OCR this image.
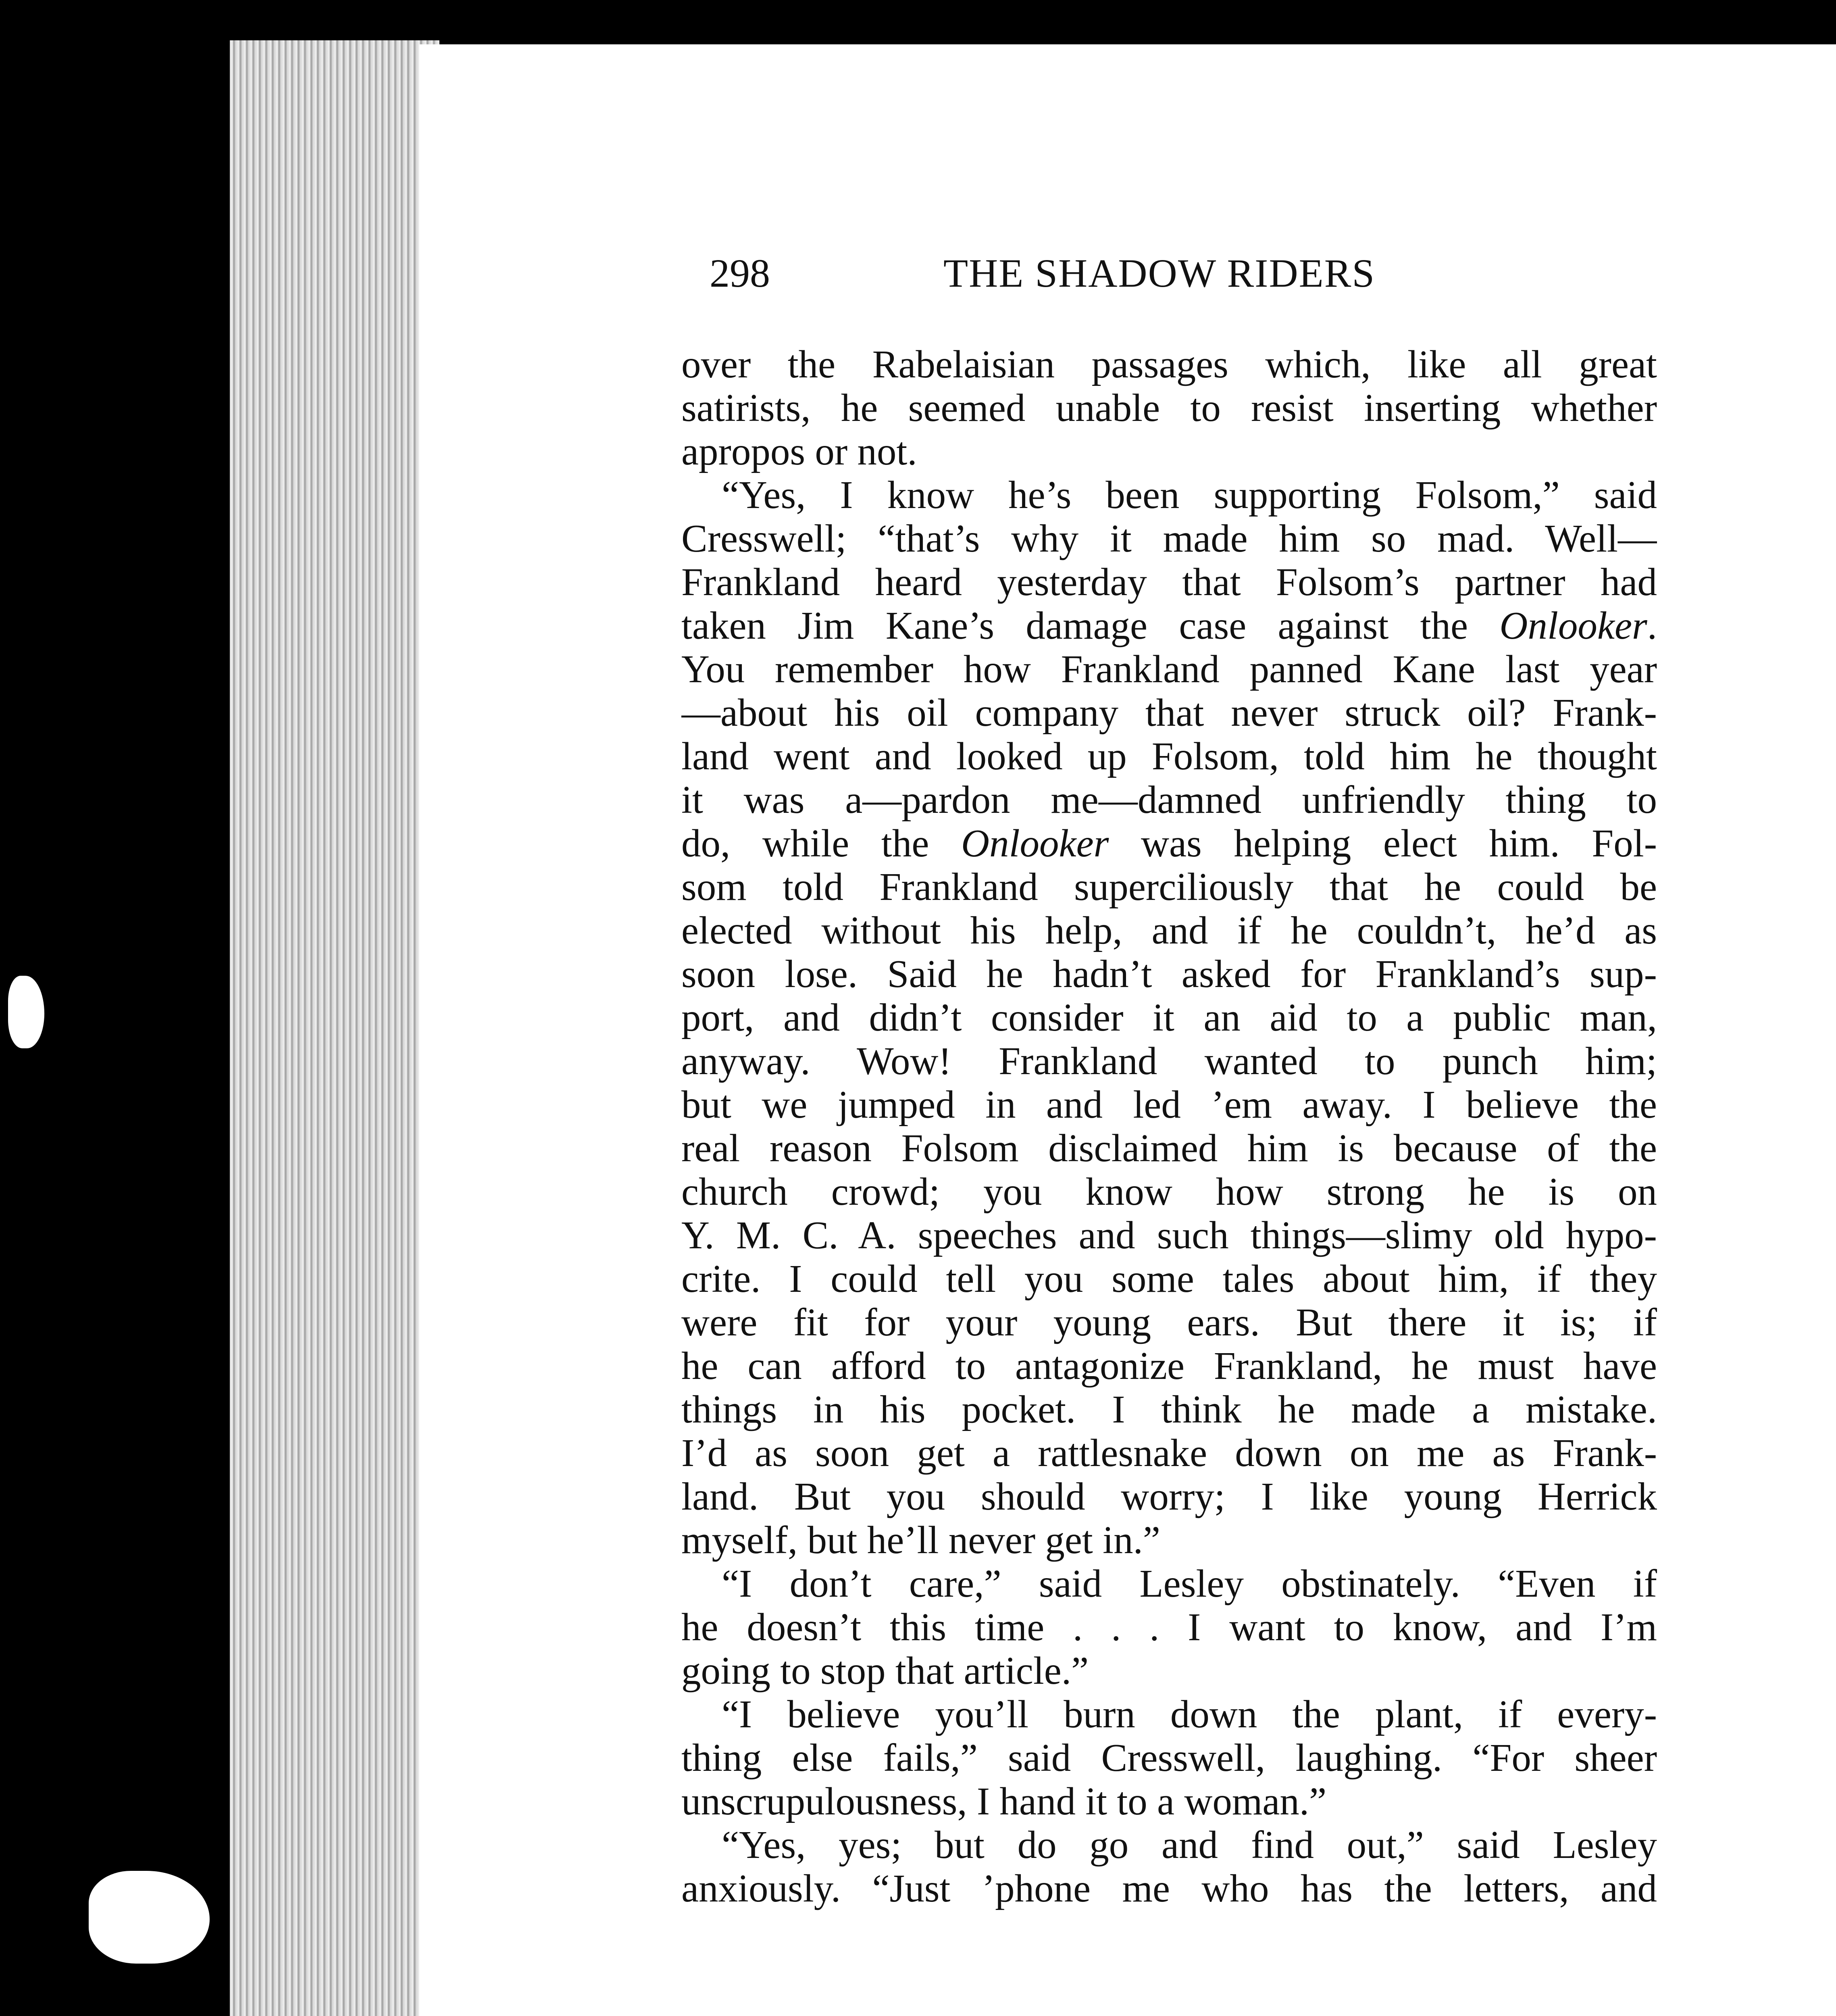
298	THE SHADOW RIDERS
over the Rabelaisian passages which, like all great
satirists, he seemed unable to resist inserting whether
apropos or not.
“Yes, I know he’s been supporting Folsom,” said
Cresswell; “that’s why it made him so mad. Well—
Frankland heard yesterday that Folsom’s partner had
taken Jim Kane’s damage case against the Onlooker.
You remember how Frankland panned Kane last year
—about his oil company that never struck oil? Frank-
land went and looked up Folsom, told him he thought
it was a—pardon me—damned unfriendly thing to
do, while the Onlooker was helping elect him. Fol-
som told Frankland superciliously that he could be
elected without his help, and if he couldn’t, he’d as
soon lose. Said he hadn’t asked for Frankland’s sup-
port, and didn’t consider it an aid to a public man,
anyway. Wow! Frankland wanted to punch him;
but we jumped in and led ’em away. I believe the
real reason Folsom disclaimed him is because of the
church crowd; you know how strong he is on
Y. M. C. A. speeches and such things—slimy old hypo-
crite. I could tell you some tales about him, if they
were fit for your young ears. But there it is; if
he can afford to antagonize Frankland, he must have
things in his pocket. I think he made a mistake.
I’d as soon get a rattlesnake down on me as Frank-
land. But you should worry; I like young Herrick
myself, but he’ll never get in.”
“I don’t care,” said Lesley obstinately. “Even if
he doesn’t this time . . . I want to know, and I’m
going to stop that article.”
“I believe you’ll burn down the plant, if every-
thing else fails,” said Cresswell, laughing. “For sheer
unscrupulousness, I hand it to a woman.”
“Yes, yes; but do go and find out,” said Lesley
anxiously. “Just ’phone me who has the letters, and
